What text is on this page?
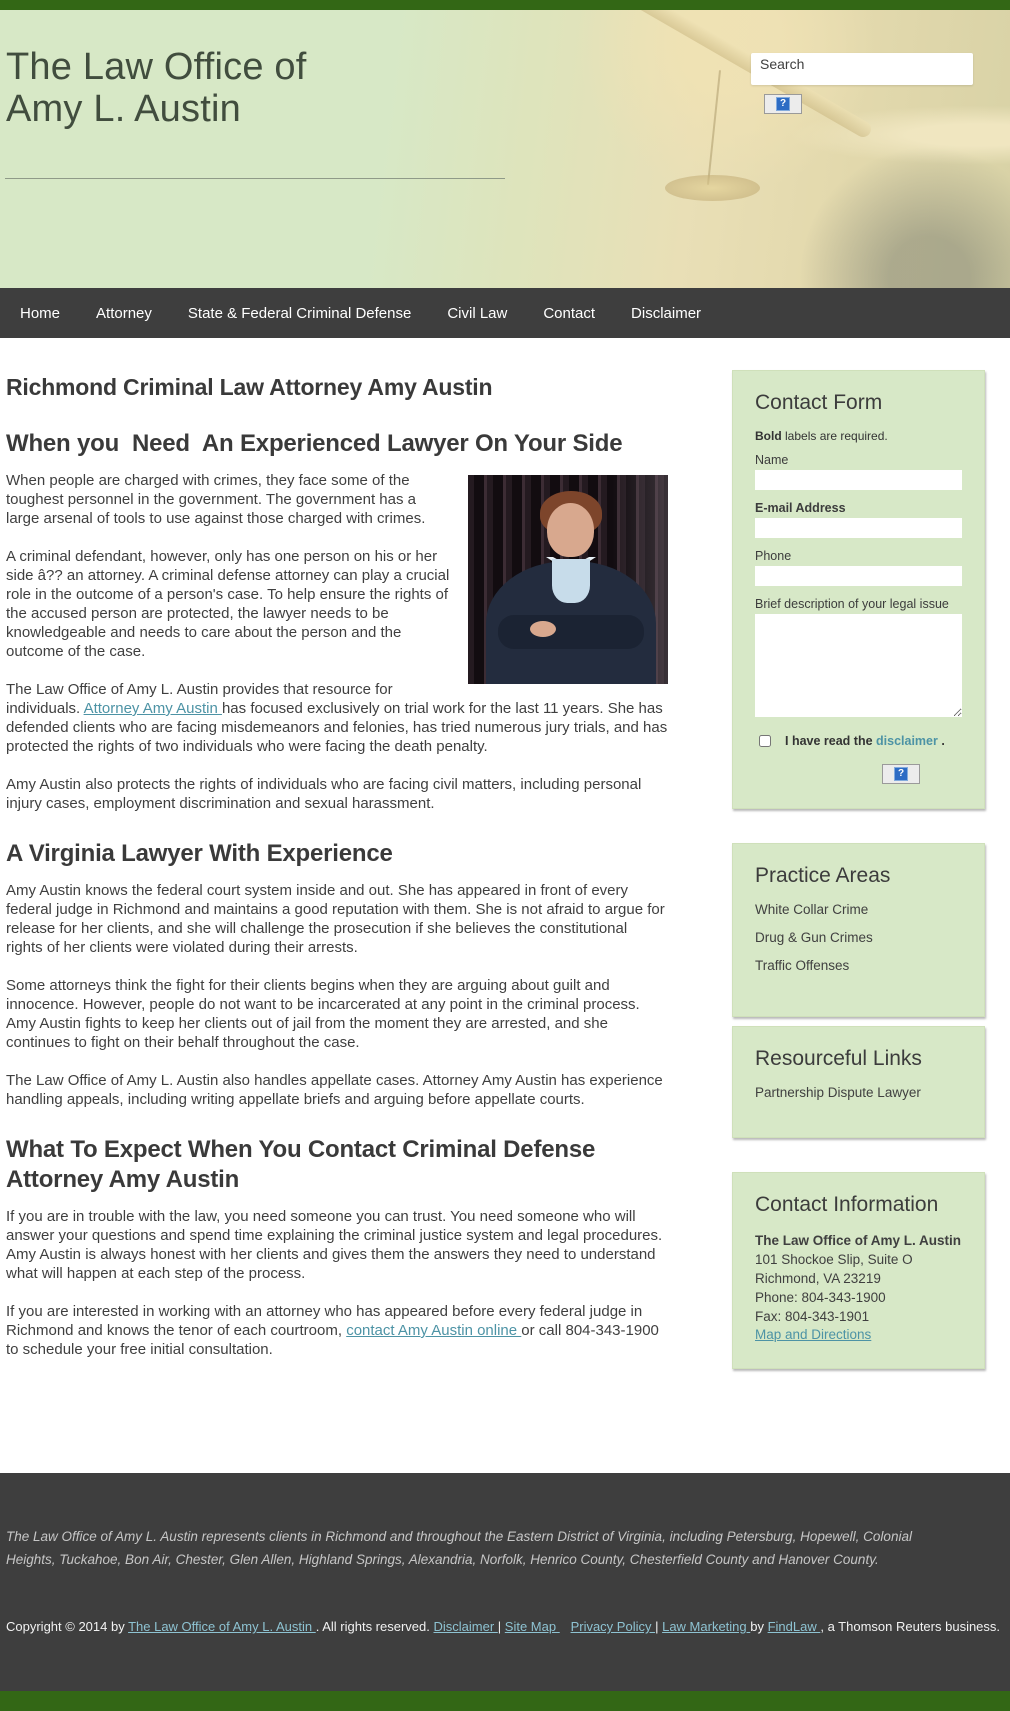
The Law Office of
Amy L. Austin
Search	?
Home Attorney State & Federal Criminal Defense Civil Law Contact Disclaimer
Richmond Criminal Law Attorney Amy Austin
When you  Need  An Experienced Lawyer On Your Side

When people are charged with crimes, they face some of the toughest personnel in the government. The government has a large arsenal of tools to use against those charged with crimes.

A criminal defendant, however, only has one person on his or her side â?? an attorney. A criminal defense attorney can play a crucial role in the outcome of a person's case. To help ensure the rights of the accused person are protected, the lawyer needs to be knowledgeable and needs to care about the person and the outcome of the case.

The Law Office of Amy L. Austin provides that resource for individuals. Attorney Amy Austin has focused exclusively on trial work for the last 11 years. She has defended clients who are facing misdemeanors and felonies, has tried numerous jury trials, and has protected the rights of two individuals who were facing the death penalty.

Amy Austin also protects the rights of individuals who are facing civil matters, including personal injury cases, employment discrimination and sexual harassment.

A Virginia Lawyer With Experience

Amy Austin knows the federal court system inside and out. She has appeared in front of every federal judge in Richmond and maintains a good reputation with them. She is not afraid to argue for release for her clients, and she will challenge the prosecution if she believes the constitutional rights of her clients were violated during their arrests.

Some attorneys think the fight for their clients begins when they are arguing about guilt and innocence. However, people do not want to be incarcerated at any point in the criminal process. Amy Austin fights to keep her clients out of jail from the moment they are arrested, and she continues to fight on their behalf throughout the case.

The Law Office of Amy L. Austin also handles appellate cases. Attorney Amy Austin has experience handling appeals, including writing appellate briefs and arguing before appellate courts.

What To Expect When You Contact Criminal Defense Attorney Amy Austin

If you are in trouble with the law, you need someone you can trust. You need someone who will answer your questions and spend time explaining the criminal justice system and legal procedures. Amy Austin is always honest with her clients and gives them the answers they need to understand what will happen at each step of the process.

If you are interested in working with an attorney who has appeared before every federal judge in Richmond and knows the tenor of each courtroom, contact Amy Austin online or call 804-343-1900 to schedule your free initial consultation.

Contact Form
Bold labels are required.
Name
E-mail Address
Phone
Brief description of your legal issue
I have read the disclaimer .
?
Practice Areas
White Collar Crime
Drug & Gun Crimes
Traffic Offenses
Resourceful Links
Partnership Dispute Lawyer
Contact Information
The Law Office of Amy L. Austin
101 Shockoe Slip, Suite O
Richmond, VA 23219
Phone: 804-343-1900
Fax: 804-343-1901
Map and Directions

The Law Office of Amy L. Austin represents clients in Richmond and throughout the Eastern District of Virginia, including Petersburg, Hopewell, Colonial Heights, Tuckahoe, Bon Air, Chester, Glen Allen, Highland Springs, Alexandria, Norfolk, Henrico County, Chesterfield County and Hanover County.

Copyright © 2014 by The Law Office of Amy L. Austin . All rights reserved. Disclaimer | Site Map    Privacy Policy | Law Marketing by FindLaw , a Thomson Reuters business.
